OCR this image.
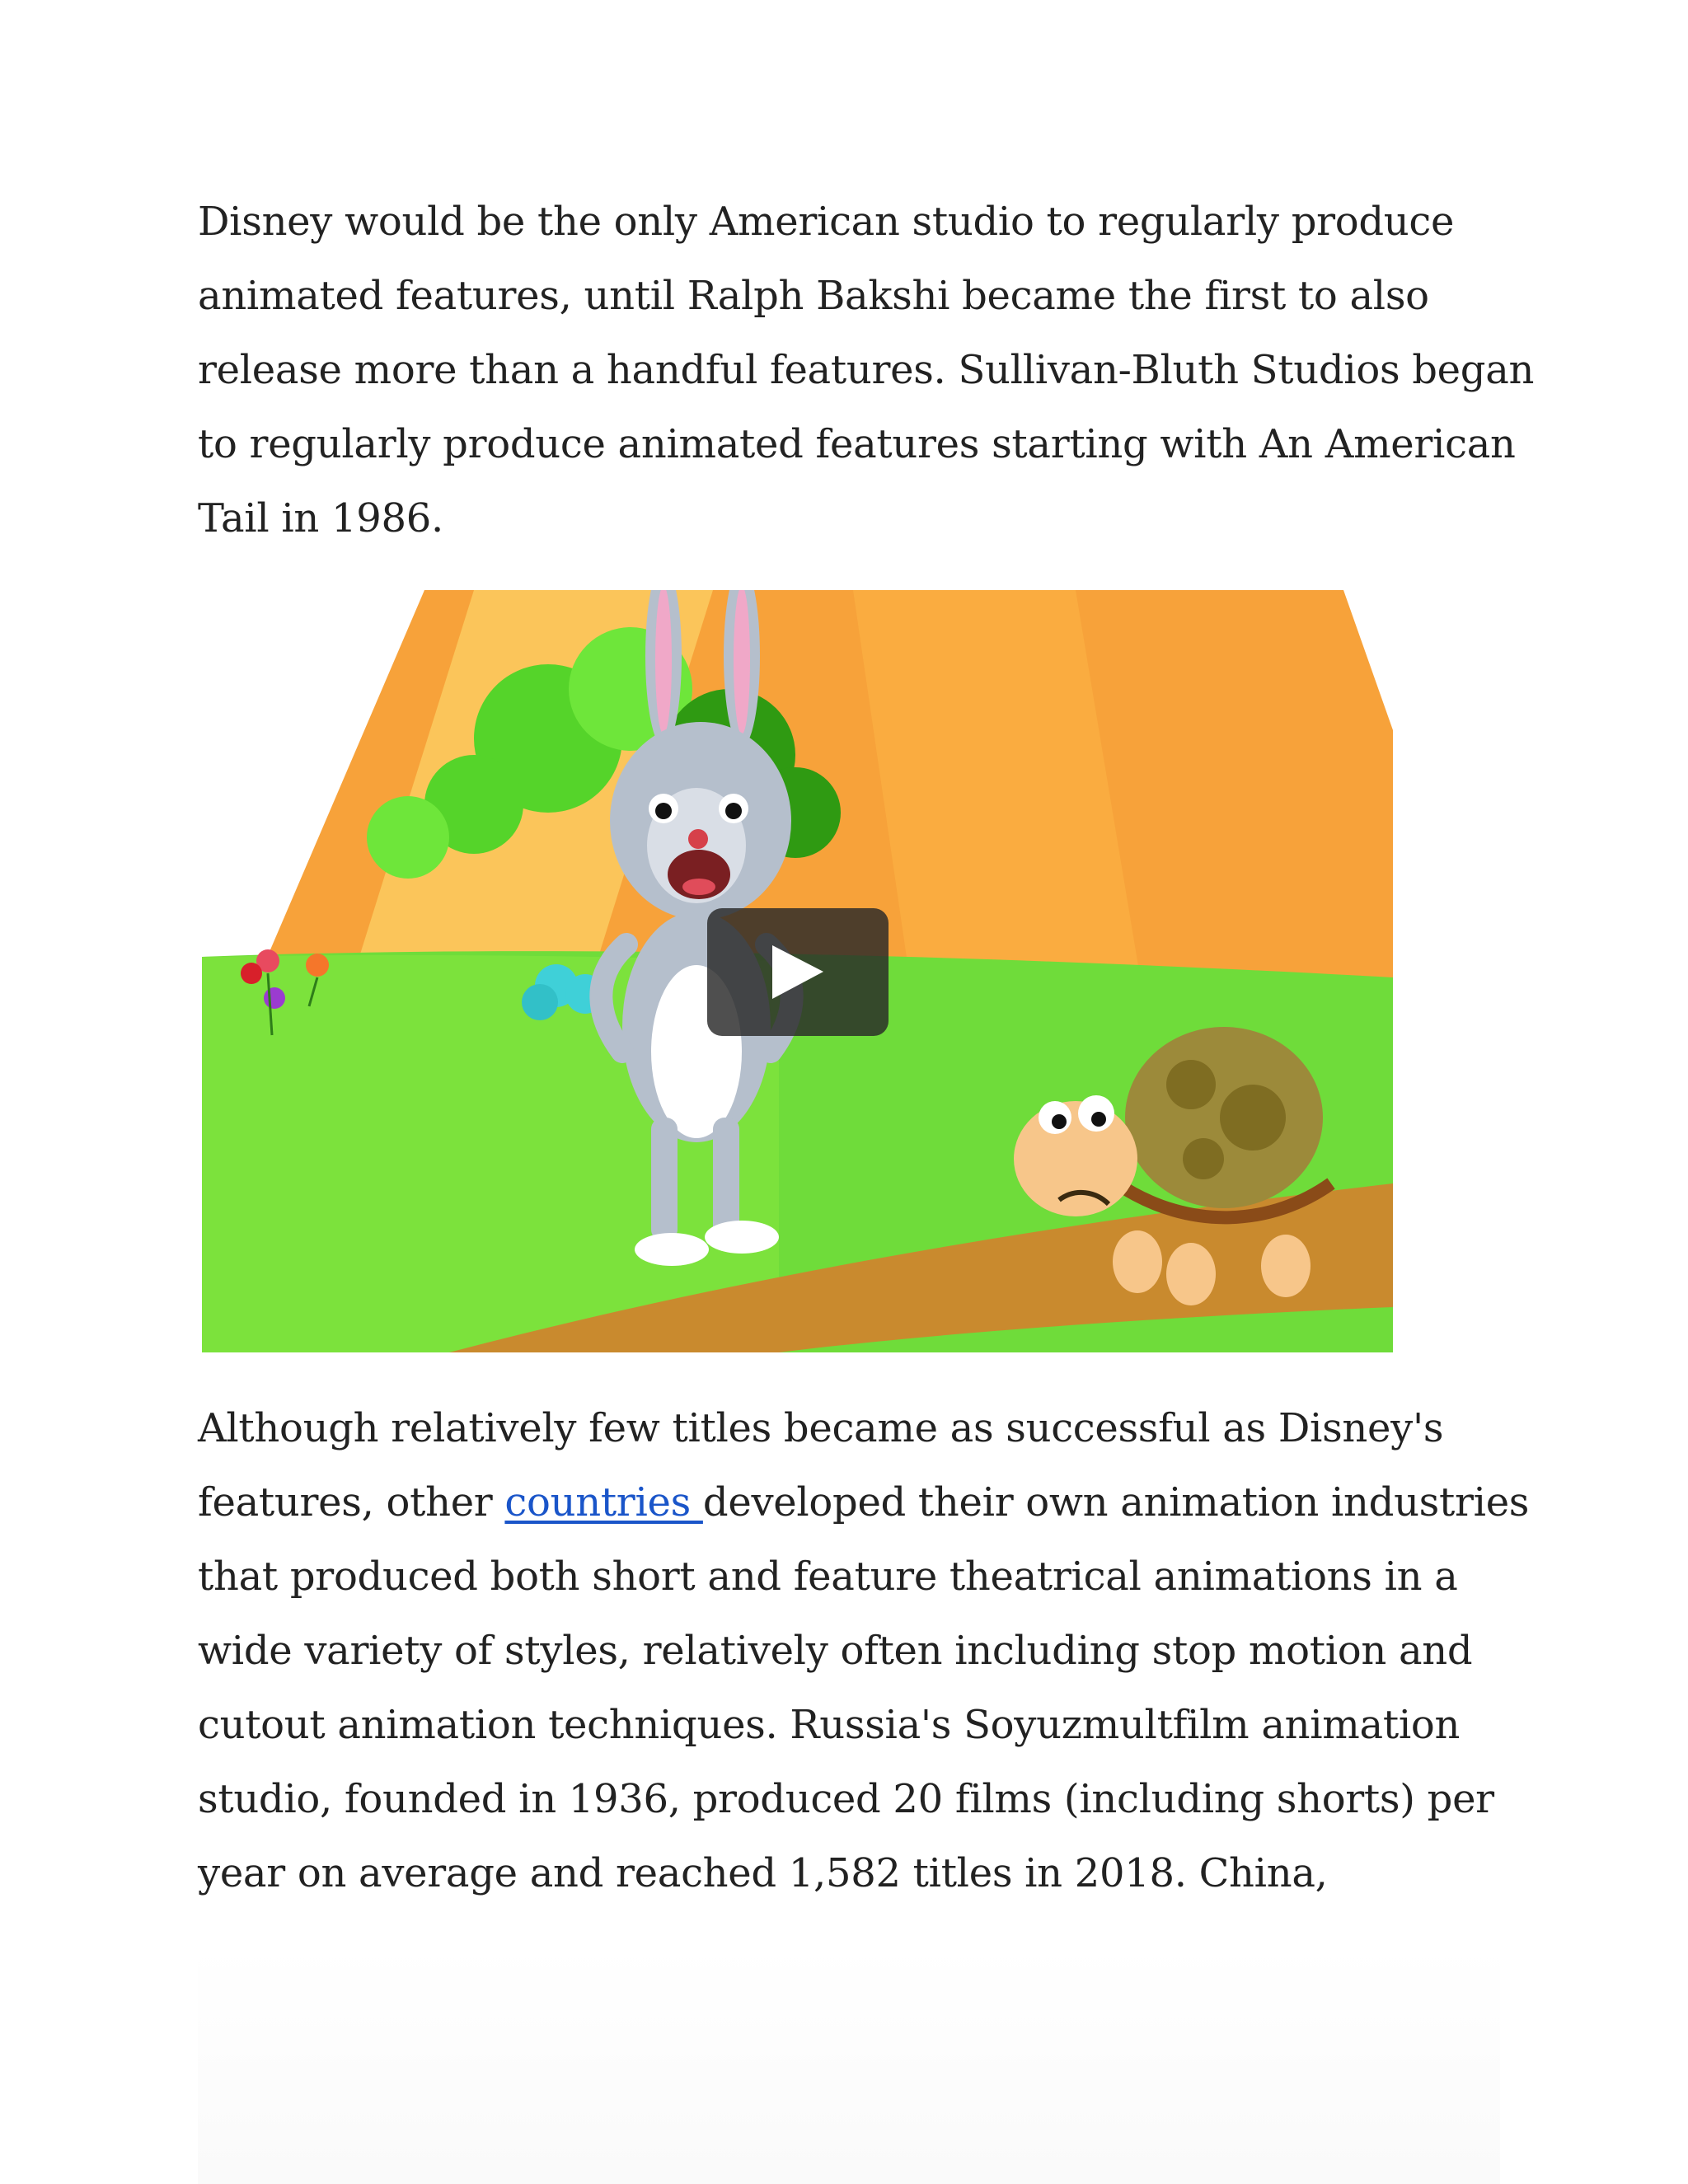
Disney would be the only American studio to regularly produce
animated features, until Ralph Bakshi became the first to also
release more than a handful features. Sullivan-Bluth Studios began
to regularly produce animated features starting with An American
Tail in 1986.

Although relatively few titles became as successful as Disney's
features, other countries developed their own animation industries
that produced both short and feature theatrical animations in a
wide variety of styles, relatively often including stop motion and
cutout animation techniques. Russia's Soyuzmultfilm animation
studio, founded in 1936, produced 20 films (including shorts) per
year on average and reached 1,582 titles in 2018. China,
